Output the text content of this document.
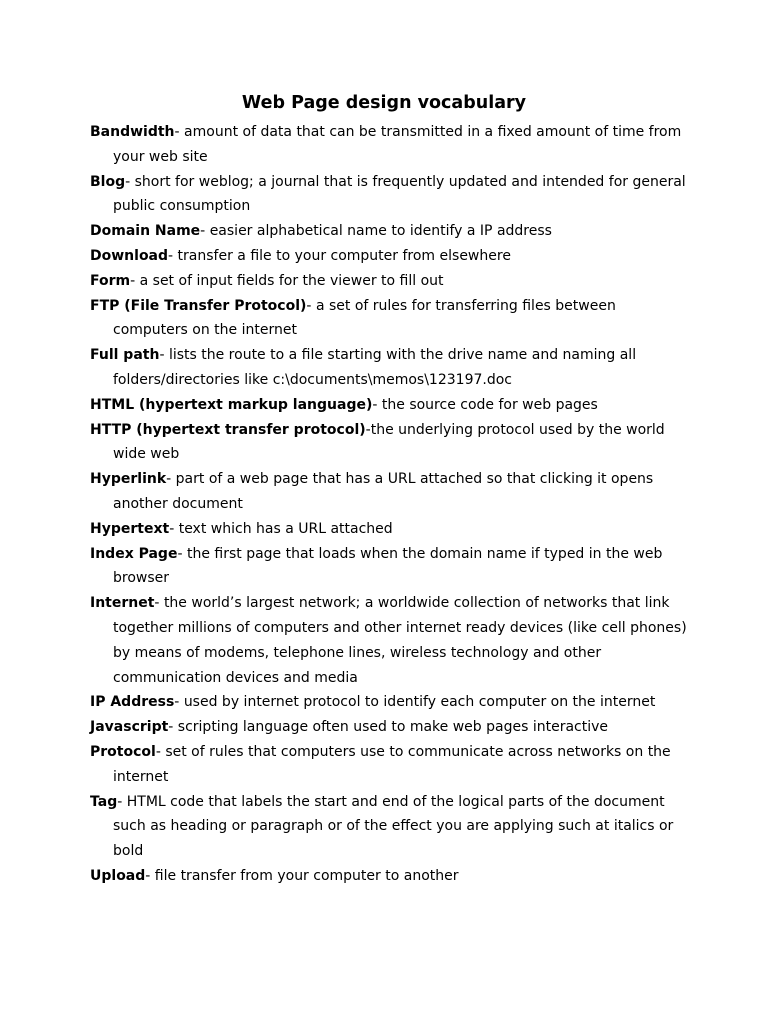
Web Page design vocabulary
Bandwidth- amount of data that can be transmitted in a fixed amount of time from your web site
Blog- short for weblog; a journal that is frequently updated and intended for general public consumption
Domain Name- easier alphabetical name to identify a IP address
Download- transfer a file to your computer from elsewhere
Form- a set of input fields for the viewer to fill out
FTP (File Transfer Protocol)- a set of rules for transferring files between computers on the internet
Full path- lists the route to a file starting with the drive name and naming all folders/directories like c:\documents\memos\123197.doc
HTML (hypertext markup language)- the source code for web pages
HTTP (hypertext transfer protocol)-the underlying protocol used by the world wide web
Hyperlink- part of a web page that has a URL attached so that clicking it opens another document
Hypertext- text which has a URL attached
Index Page- the first page that loads when the domain name if typed in the web browser
Internet- the world’s largest network; a worldwide collection of networks that link together millions of computers and other internet ready devices (like cell phones) by means of modems, telephone lines, wireless technology and other communication devices and media
IP Address- used by internet protocol to identify each computer on the internet
Javascript- scripting language often used to make web pages interactive
Protocol- set of rules that computers use to communicate across networks on the internet
Tag- HTML code that labels the start and end of the logical parts of the document such as heading or paragraph or of the effect you are applying such at italics or bold
Upload- file transfer from your computer to another
